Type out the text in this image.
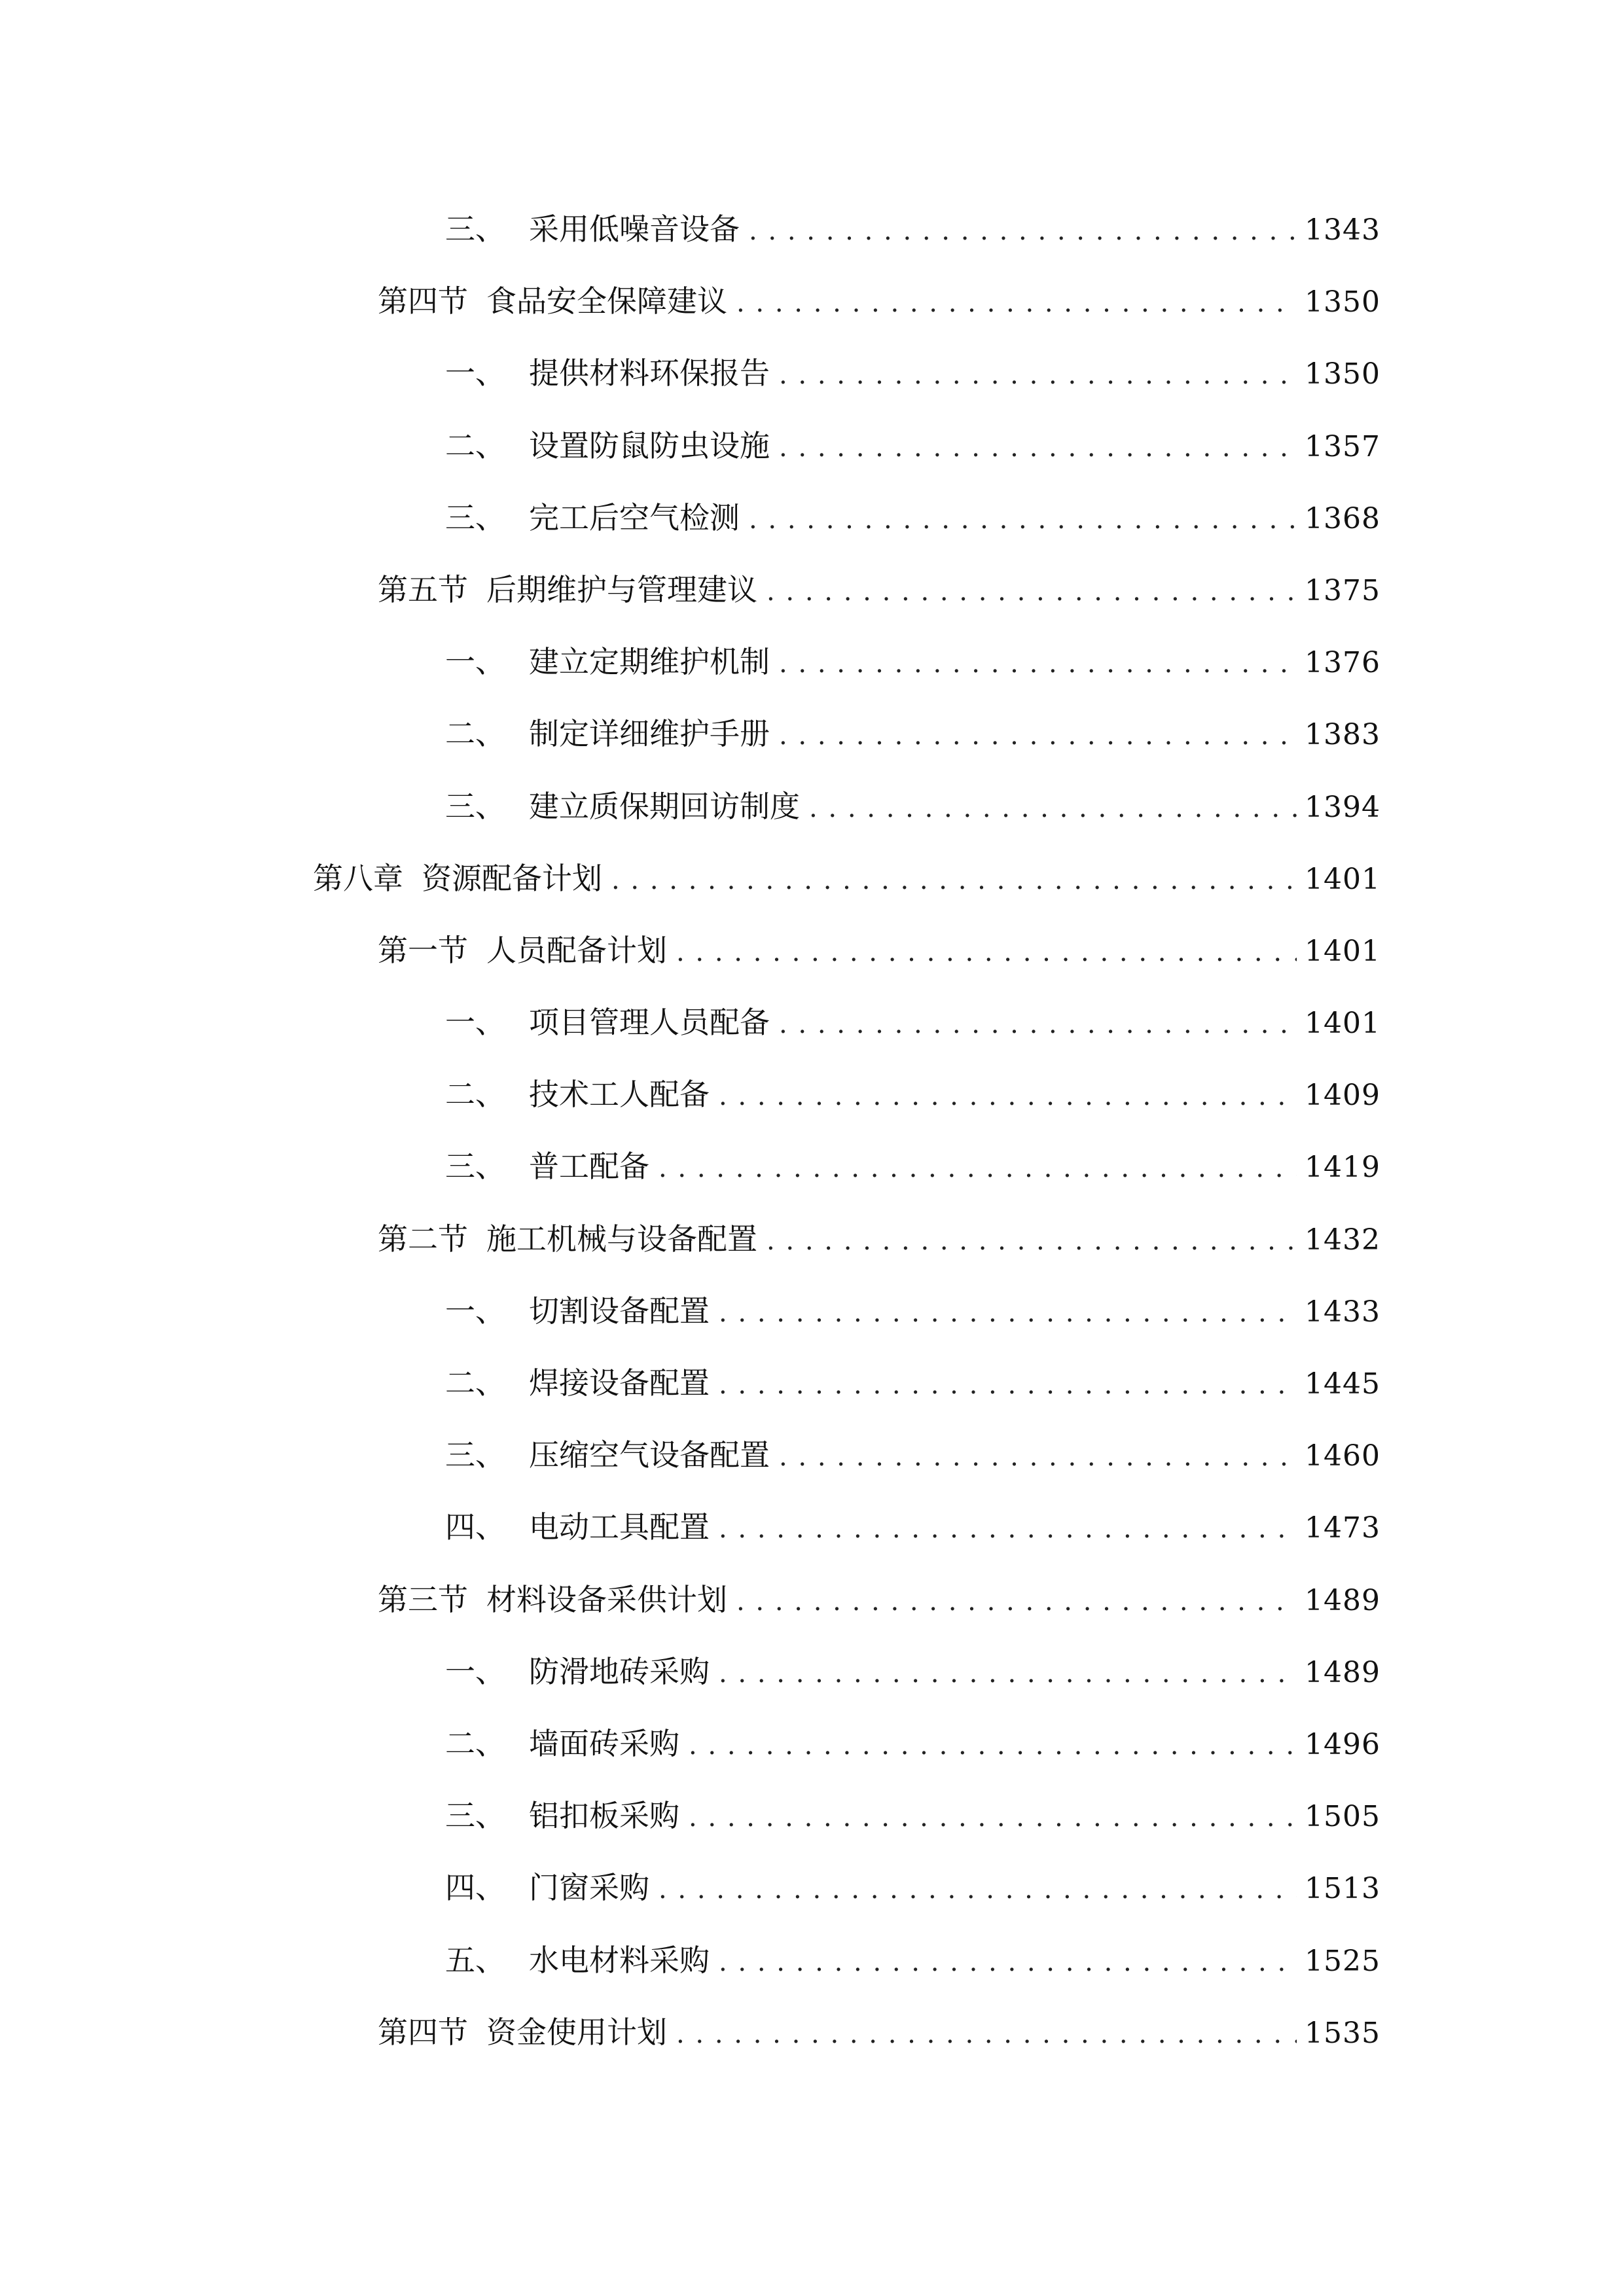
三、 采用低噪音设备 . . .	1343
第四节 食品安全保障建议 . . .	1350
一、 提供材料环保报告 . . .	1350
二、 设置防鼠防虫设施 . . .	1357
三、 完工后空气检测 . . .	1368
第五节 后期维护与管理建议 . . .	1375
一、 建立定期维护机制 . . .	1376
二、 制定详细维护手册 . . .	1383
三、 建立质保期回访制度 . . .	1394
第八章 资源配备计划 . . .	1401
第一节 人员配备计划 . . .	1401
一、 项目管理人员配备 . . .	1401
二、 技术工人配备 . . .	1409
三、 普工配备 . . .	1419
第二节 施工机械与设备配置 . . .	1432
一、 切割设备配置 . . .	1433
二、 焊接设备配置 . . .	1445
三、 压缩空气设备配置 . . .	1460
四、 电动工具配置 . . .	1473
第三节 材料设备采供计划 . . .	1489
一、 防滑地砖采购 . . .	1489
二、 墙面砖采购 . . .	1496
三、 铝扣板采购 . . .	1505
四、 门窗采购 . . .	1513
五、 水电材料采购 . . .	1525
第四节 资金使用计划 . . .	1535
